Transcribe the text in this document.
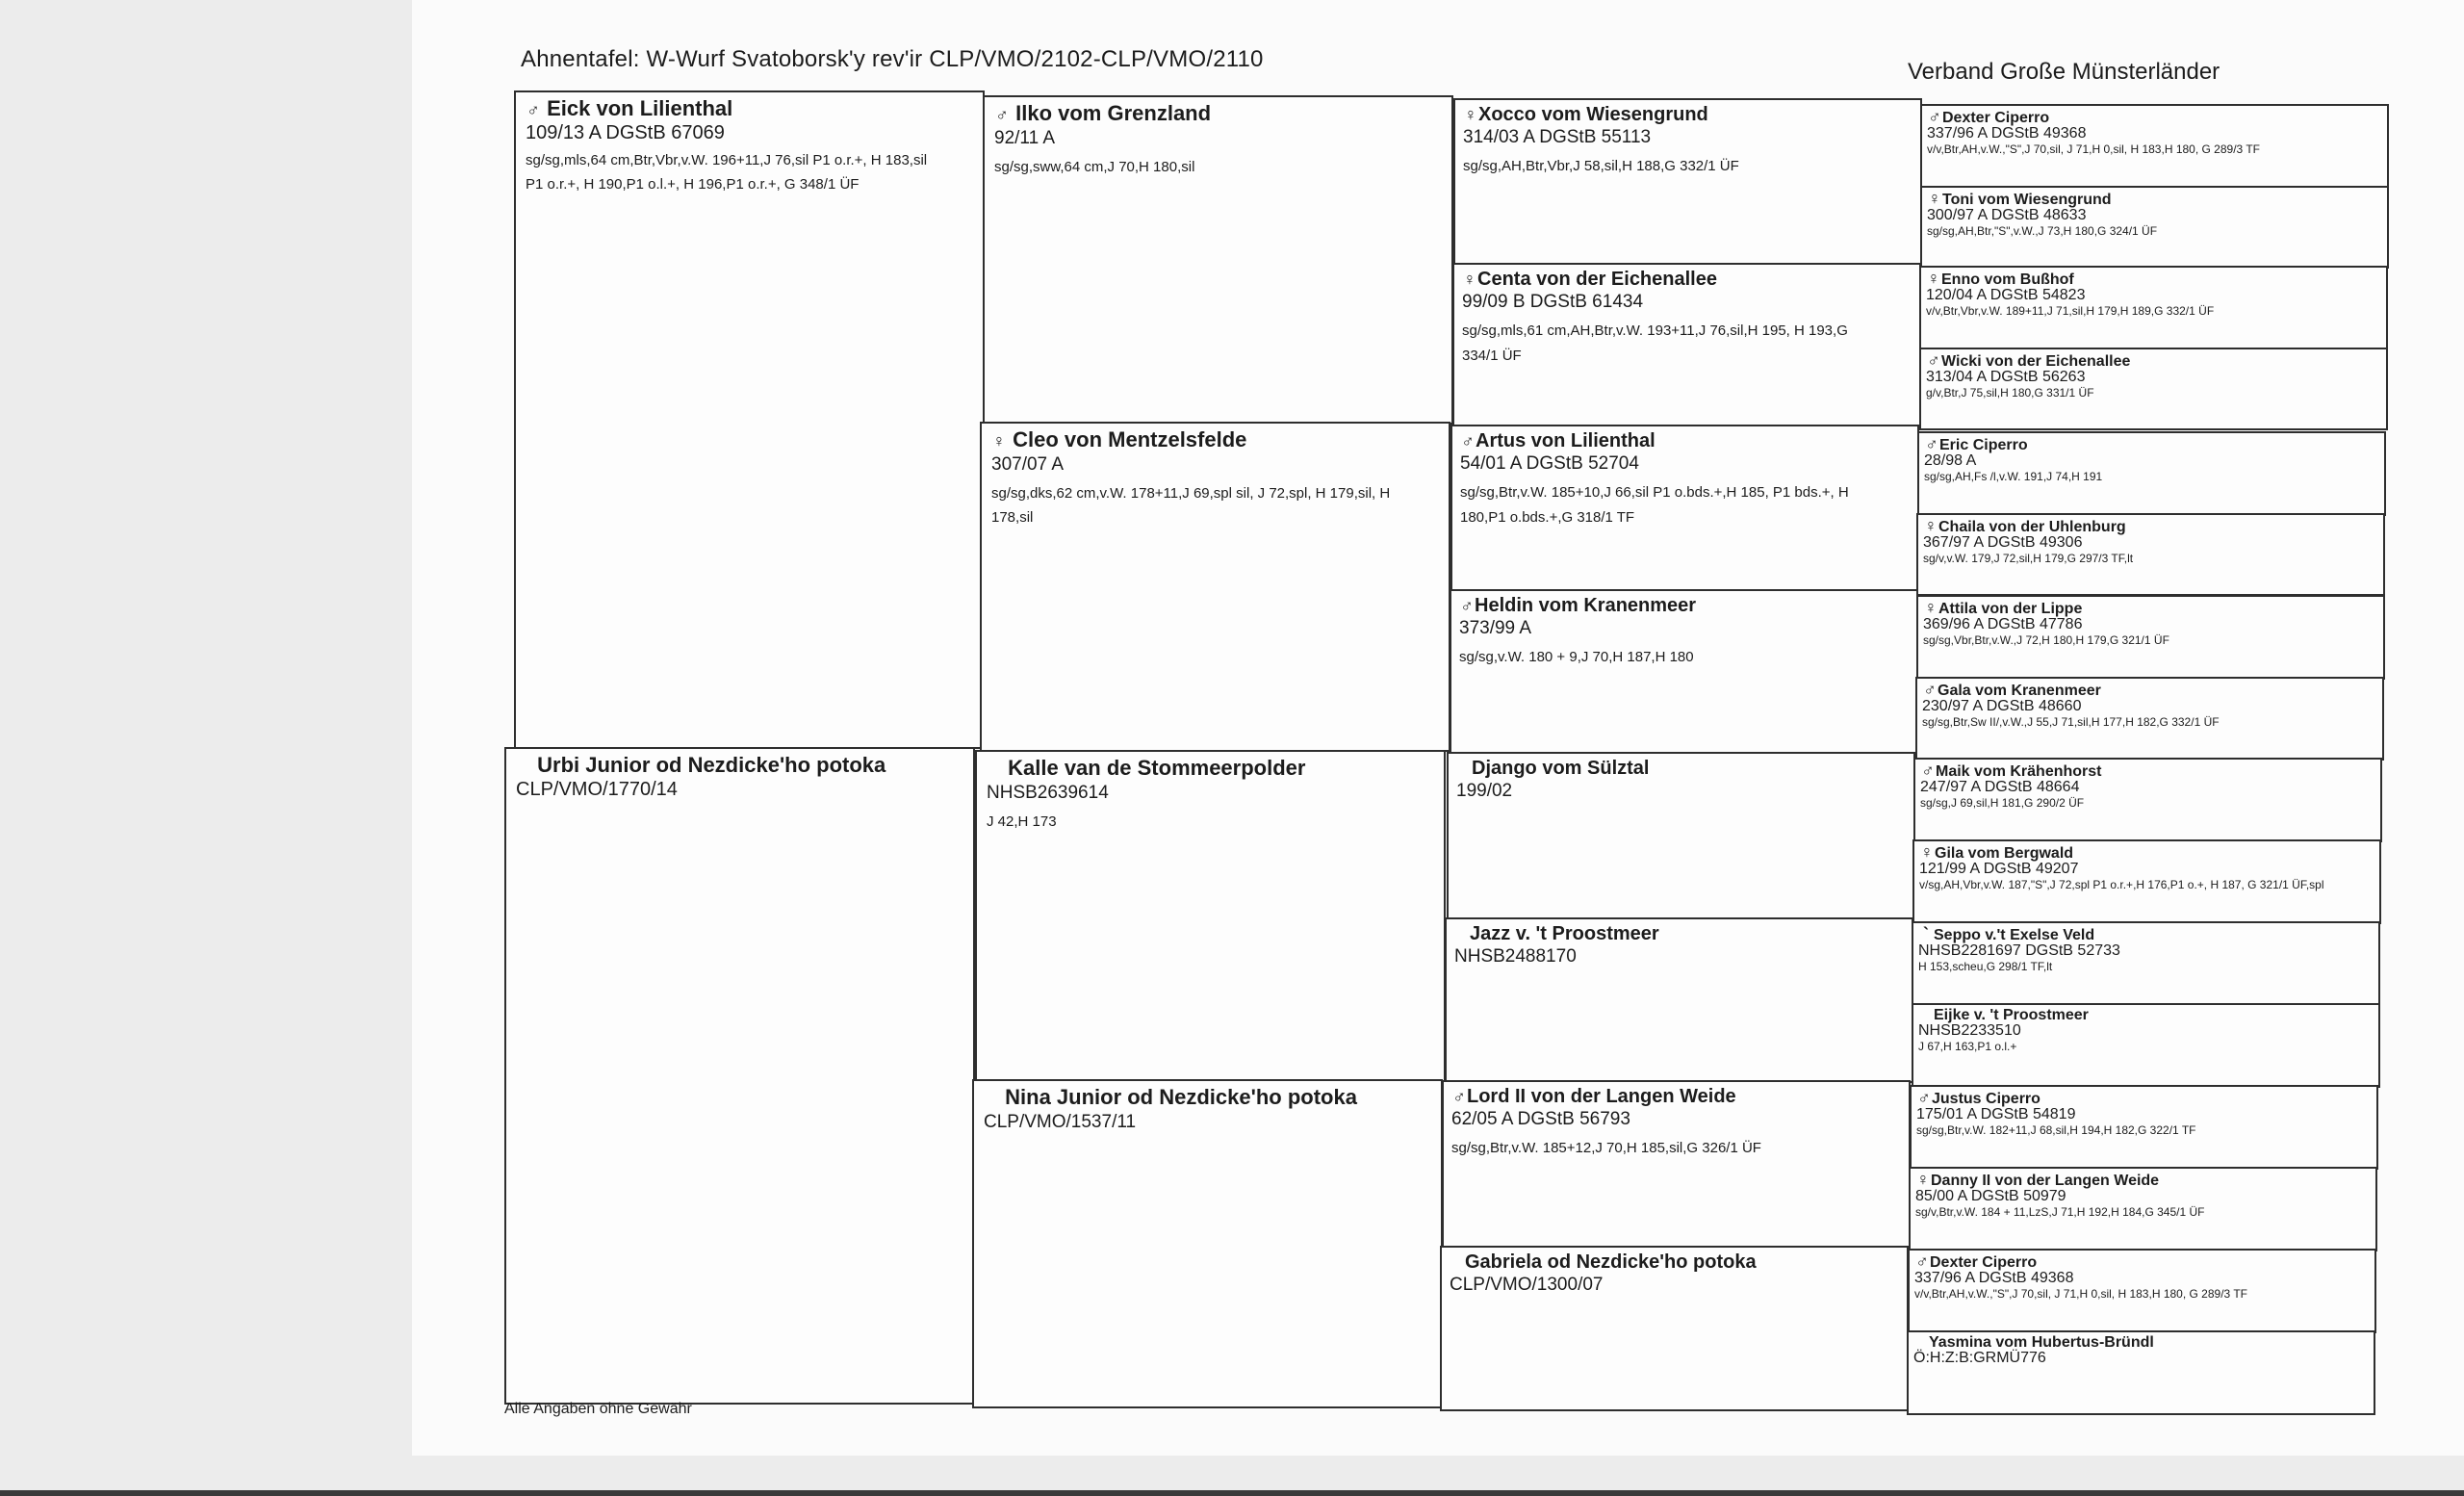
Ahnentafel: W-Wurf Svatoborsk'y rev'ir CLP/VMO/2102-CLP/VMO/2110	Verband Große Münsterländer
♂ Eick von Lilienthal
109/13 A DGStB 67069
sg/sg,mls,64 cm,Btr,Vbr,v.W. 196+11,J 76,sil P1 o.r.+, H 183,sil P1 o.r.+, H 190,P1 o.l.+, H 196,P1 o.r.+, G 348/1 ÜF
Urbi Junior od Nezdicke'ho potoka
CLP/VMO/1770/14
♂ Ilko vom Grenzland
92/11 A
sg/sg,sww,64 cm,J 70,H 180,sil
♀ Cleo von Mentzelsfelde
307/07 A
sg/sg,dks,62 cm,v.W. 178+11,J 69,spl sil, J 72,spl, H 179,sil, H 178,sil
Kalle van de Stommeerpolder
NHSB2639614
J 42,H 173
Nina Junior od Nezdicke'ho potoka
CLP/VMO/1537/11
♀Xocco vom Wiesengrund
314/03 A DGStB 55113
sg/sg,AH,Btr,Vbr,J 58,sil,H 188,G 332/1 ÜF
♀Centa von der Eichenallee
99/09 B DGStB 61434
sg/sg,mls,61 cm,AH,Btr,v.W. 193+11,J 76,sil,H 195, H 193,G 334/1 ÜF
♂Artus von Lilienthal
54/01 A DGStB 52704
sg/sg,Btr,v.W. 185+10,J 66,sil P1 o.bds.+,H 185, P1 bds.+, H 180,P1 o.bds.+,G 318/1 TF
♂Heldin vom Kranenmeer
373/99 A
sg/sg,v.W. 180 + 9,J 70,H 187,H 180
Django vom Sülztal
199/02
Jazz v. 't Proostmeer
NHSB2488170
♂Lord II von der Langen Weide
62/05 A DGStB 56793
sg/sg,Btr,v.W. 185+12,J 70,H 185,sil,G 326/1 ÜF
Gabriela od Nezdicke'ho potoka
CLP/VMO/1300/07
♂Dexter Ciperro
337/96 A DGStB 49368
v/v,Btr,AH,v.W.,"S",J 70,sil, J 71,H 0,sil, H 183,H 180, G 289/3 TF
♀Toni vom Wiesengrund
300/97 A DGStB 48633
sg/sg,AH,Btr,"S",v.W.,J 73,H 180,G 324/1 ÜF
♀Enno vom Bußhof
120/04 A DGStB 54823
v/v,Btr,Vbr,v.W. 189+11,J 71,sil,H 179,H 189,G 332/1 ÜF
♂Wicki von der Eichenallee
313/04 A DGStB 56263
g/v,Btr,J 75,sil,H 180,G 331/1 ÜF
♂Eric Ciperro
28/98 A
sg/sg,AH,Fs /l,v.W. 191,J 74,H 191
♀Chaila von der Uhlenburg
367/97 A DGStB 49306
sg/v,v.W. 179,J 72,sil,H 179,G 297/3 TF,lt
♀Attila von der Lippe
369/96 A DGStB 47786
sg/sg,Vbr,Btr,v.W.,J 72,H 180,H 179,G 321/1 ÜF
♂Gala vom Kranenmeer
230/97 A DGStB 48660
sg/sg,Btr,Sw II/,v.W.,J 55,J 71,sil,H 177,H 182,G 332/1 ÜF
♂Maik vom Krähenhorst
247/97 A DGStB 48664
sg/sg,J 69,sil,H 181,G 290/2 ÜF
♀Gila vom Bergwald
121/99 A DGStB 49207
v/sg,AH,Vbr,v.W. 187,"S",J 72,spl P1 o.r.+,H 176,P1 o.+, H 187, G 321/1 ÜF,spl
` Seppo v.'t Exelse Veld
NHSB2281697 DGStB 52733
H 153,scheu,G 298/1 TF,lt
Eijke v. 't Proostmeer
NHSB2233510
J 67,H 163,P1 o.l.+
♂Justus Ciperro
175/01 A DGStB 54819
sg/sg,Btr,v.W. 182+11,J 68,sil,H 194,H 182,G 322/1 TF
♀Danny II von der Langen Weide
85/00 A DGStB 50979
sg/v,Btr,v.W. 184 + 11,LzS,J 71,H 192,H 184,G 345/1 ÜF
♂Dexter Ciperro
337/96 A DGStB 49368
v/v,Btr,AH,v.W.,"S",J 70,sil, J 71,H 0,sil, H 183,H 180, G 289/3 TF
Yasmina vom Hubertus-Bründl
Ö:H:Z:B:GRMÜ776
Alle Angaben ohne Gewähr
